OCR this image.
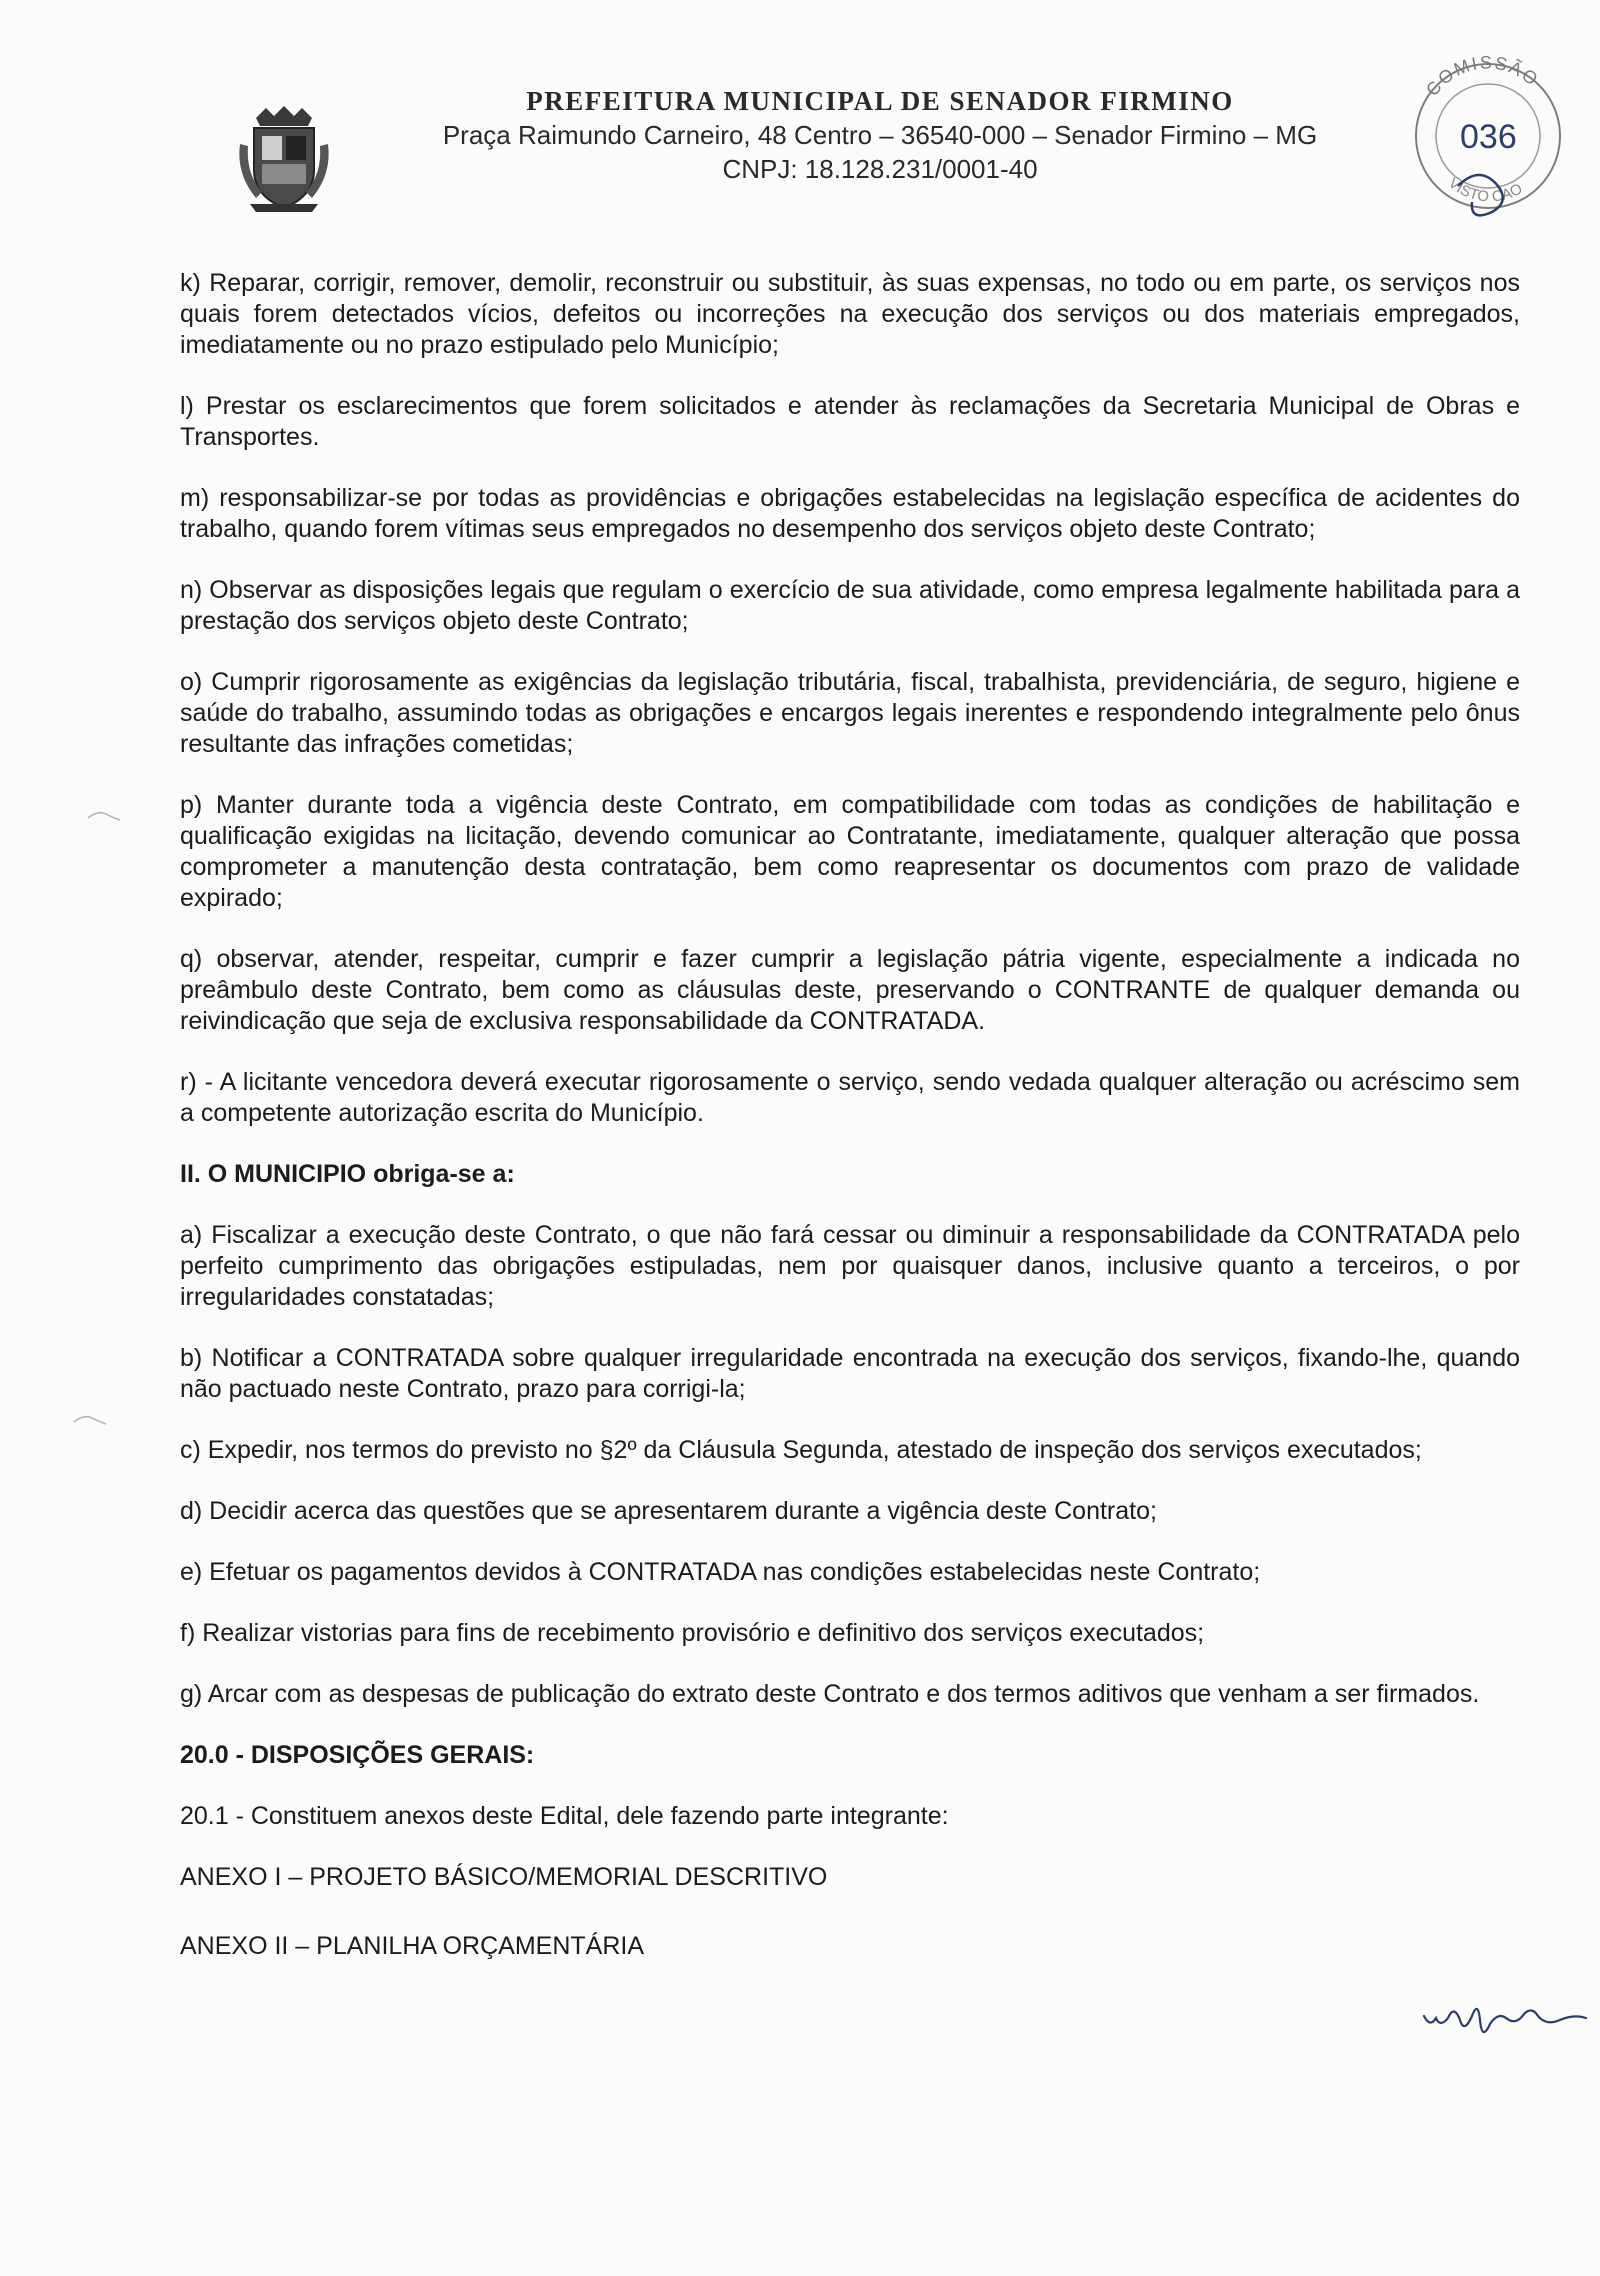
PREFEITURA MUNICIPAL DE SENADOR FIRMINO
Praça Raimundo Carneiro, 48 Centro – 36540-000 – Senador Firmino – MG
CNPJ: 18.128.231/0001-40
COMISSÃO
036
VISTO CAO

k) Reparar, corrigir, remover, demolir, reconstruir ou substituir, às suas expensas, no todo ou em parte, os serviços nos quais forem detectados vícios, defeitos ou incorreções na execução dos serviços ou dos materiais empregados, imediatamente ou no prazo estipulado pelo Município;

l) Prestar os esclarecimentos que forem solicitados e atender às reclamações da Secretaria Municipal de Obras e Transportes.

m) responsabilizar-se por todas as providências e obrigações estabelecidas na legislação específica de acidentes do trabalho, quando forem vítimas seus empregados no desempenho dos serviços objeto deste Contrato;

n) Observar as disposições legais que regulam o exercício de sua atividade, como empresa legalmente habilitada para a prestação dos serviços objeto deste Contrato;

o) Cumprir rigorosamente as exigências da legislação tributária, fiscal, trabalhista, previdenciária, de seguro, higiene e saúde do trabalho, assumindo todas as obrigações e encargos legais inerentes e respondendo integralmente pelo ônus resultante das infrações cometidas;

p) Manter durante toda a vigência deste Contrato, em compatibilidade com todas as condições de habilitação e qualificação exigidas na licitação, devendo comunicar ao Contratante, imediatamente, qualquer alteração que possa comprometer a manutenção desta contratação, bem como reapresentar os documentos com prazo de validade expirado;

q) observar, atender, respeitar, cumprir e fazer cumprir a legislação pátria vigente, especialmente a indicada no preâmbulo deste Contrato, bem como as cláusulas deste, preservando o CONTRANTE de qualquer demanda ou reivindicação que seja de exclusiva responsabilidade da CONTRATADA.

r) - A licitante vencedora deverá executar rigorosamente o serviço, sendo vedada qualquer alteração ou acréscimo sem a competente autorização escrita do Município.

II. O MUNICIPIO obriga-se a:

a) Fiscalizar a execução deste Contrato, o que não fará cessar ou diminuir a responsabilidade da CONTRATADA pelo perfeito cumprimento das obrigações estipuladas, nem por quaisquer danos, inclusive quanto a terceiros, o por irregularidades constatadas;

b) Notificar a CONTRATADA sobre qualquer irregularidade encontrada na execução dos serviços, fixando-lhe, quando não pactuado neste Contrato, prazo para corrigi-la;

c) Expedir, nos termos do previsto no §2º da Cláusula Segunda, atestado de inspeção dos serviços executados;

d) Decidir acerca das questões que se apresentarem durante a vigência deste Contrato;

e) Efetuar os pagamentos devidos à CONTRATADA nas condições estabelecidas neste Contrato;

f) Realizar vistorias para fins de recebimento provisório e definitivo dos serviços executados;

g) Arcar com as despesas de publicação do extrato deste Contrato e dos termos aditivos que venham a ser firmados.

20.0 - DISPOSIÇÕES GERAIS:

20.1 - Constituem anexos deste Edital, dele fazendo parte integrante:

ANEXO I – PROJETO BÁSICO/MEMORIAL DESCRITIVO

ANEXO II – PLANILHA ORÇAMENTÁRIA
